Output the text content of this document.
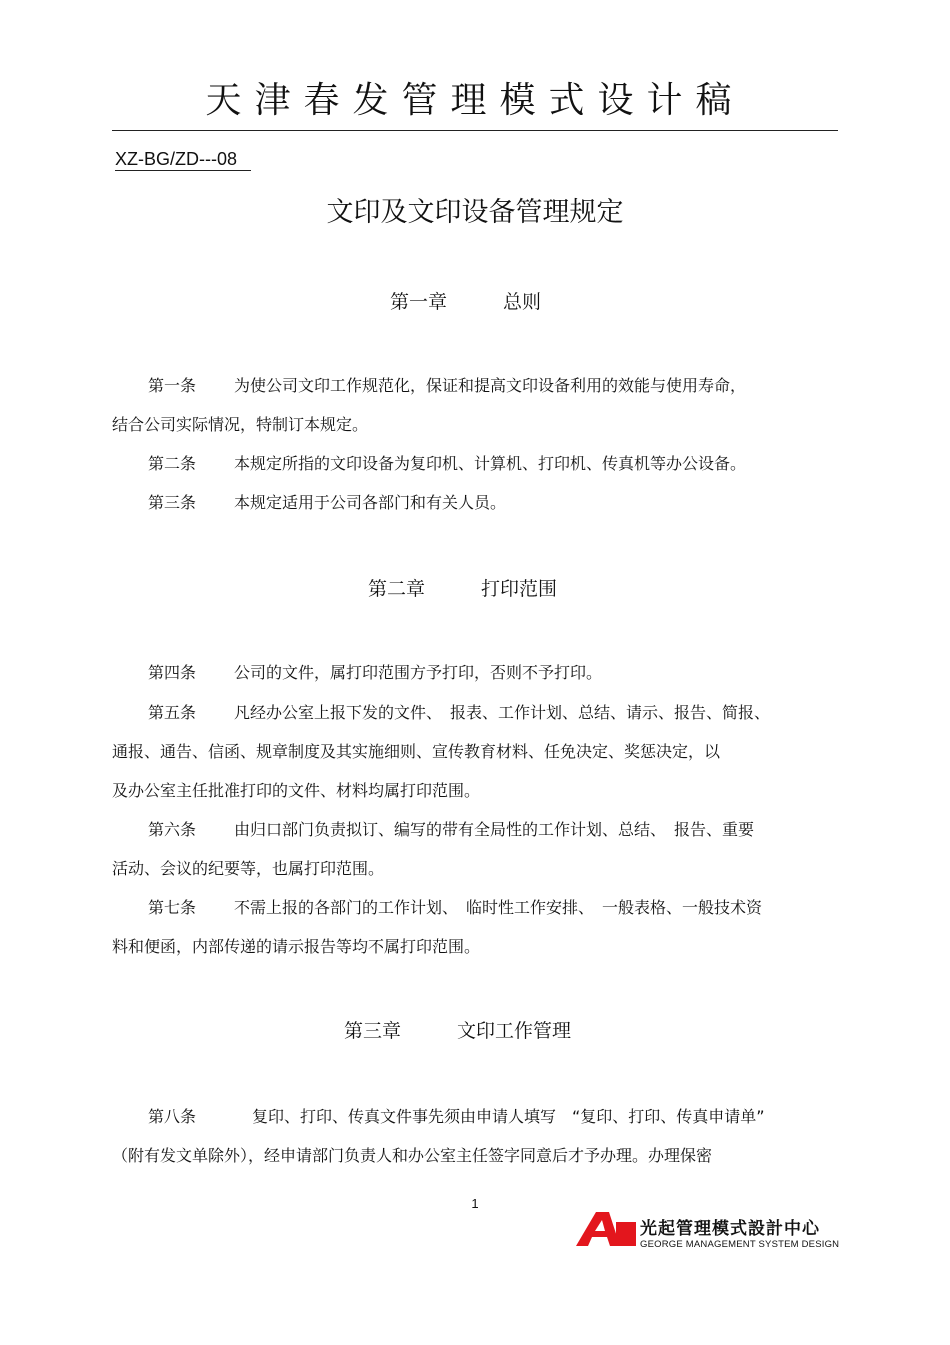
天津春发管理模式设计稿
XZ-BG/ZD---08
文印及文印设备管理规定
第一章	总则
第一条 为使公司文印工作规范化，保证和提高文印设备利用的效能与使用寿命，
结合公司实际情况，特制订本规定。
第二条 本规定所指的文印设备为复印机、计算机、打印机、传真机等办公设备。
第三条 本规定适用于公司各部门和有关人员。
第二章	打印范围
第四条 公司的文件，属打印范围方予打印，否则不予打印。
第五条 凡经办公室上报下发的文件、　报表、工作计划、总结、请示、报告、简报、
通报、通告、信函、规章制度及其实施细则、宣传教育材料、任免决定、奖惩决定，以
及办公室主任批准打印的文件、材料均属打印范围。
第六条 由归口部门负责拟订、编写的带有全局性的工作计划、总结、　报告、重要
活动、会议的纪要等，也属打印范围。
第七条 不需上报的各部门的工作计划、　临时性工作安排、　一般表格、一般技术资
料和便函，内部传递的请示报告等均不属打印范围。
第三章	文印工作管理
第八条	复印、打印、传真文件事先须由申请人填写　“复印、打印、传真申请单”
（附有发文单除外），经申请部门负责人和办公室主任签字同意后才予办理。办理保密
1
光起管理模式設計中心
GEORGE MANAGEMENT SYSTEM DESIGN
